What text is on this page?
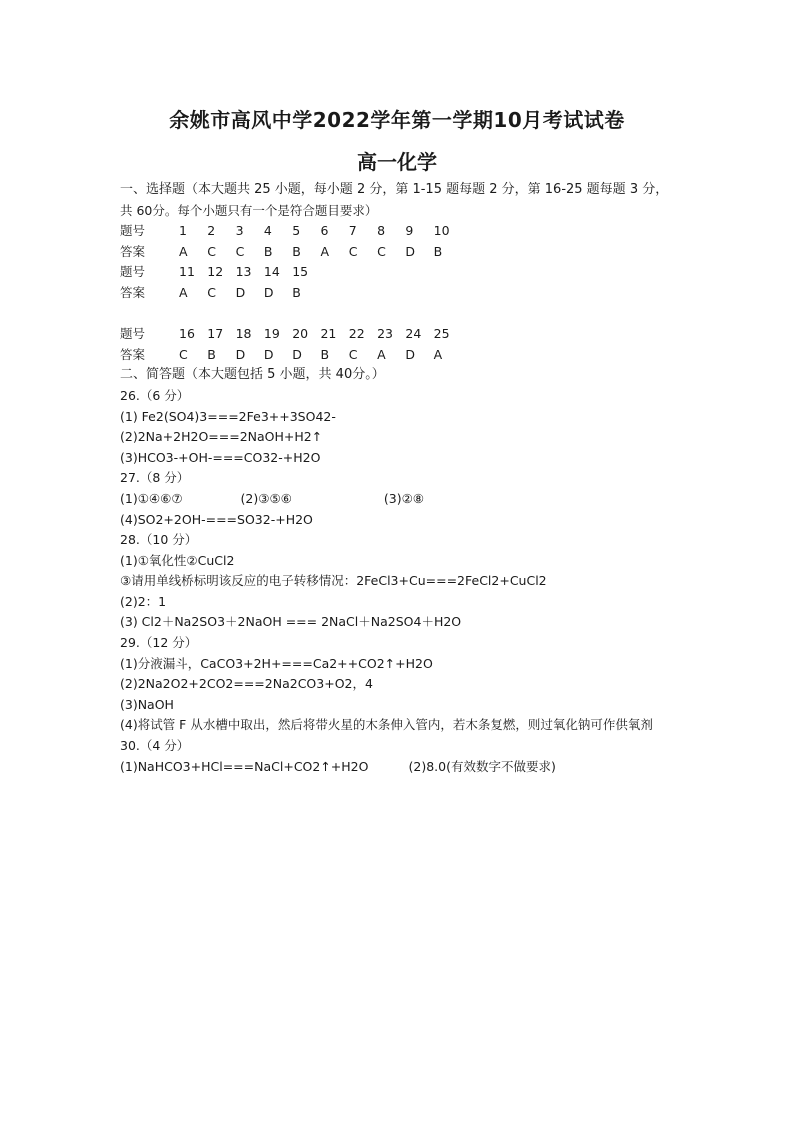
余姚市高风中学2022学年第一学期10月考试试卷
高一化学
一、选择题（本大题共 25 小题，每小题 2 分，第 1-15 题每题 2 分，第 16-25 题每题 3 分，
共 60分。每个小题只有一个是符合题目要求）
题号	1	2	3	4	5	6	7	8	9	10
答案	A	C	C	B	B	A	C	C	D	B
题号	11 12 13 14 15
答案	A	C	D	D	B
题号	16 17 18 19 20 21 22 23 24 25
答案	C	B	D	D	D	B	C	A	D	A
二、简答题（本大题包括 5 小题，共 40分。）
26.（6 分）
(1) Fe2(SO4)3===2Fe3++3SO42-
(2)2Na+2H2O===2NaOH+H2↑
(3)HCO3-+OH-===CO32-+H2O
27.（8 分）
(1)①④⑥⑦	(2)③⑤⑥	(3)②⑧
(4)SO2+2OH-===SO32-+H2O
28.（10 分）
(1)①氧化性②CuCl2
③请用单线桥标明该反应的电子转移情况：2FeCl3+Cu===2FeCl2+CuCl2
(2)2：1
(3) Cl2＋Na2SO3＋2NaOH === 2NaCl＋Na2SO4＋H2O
29.（12 分）
(1)分液漏斗，CaCO3+2H+===Ca2++CO2↑+H2O
(2)2Na2O2+2CO2===2Na2CO3+O2，4
(3)NaOH
(4)将试管 F 从水槽中取出，然后将带火星的木条伸入管内，若木条复燃，则过氧化钠可作供氧剂
30.（4 分）
(1)NaHCO3+HCl===NaCl+CO2↑+H2O	(2)8.0(有效数字不做要求)
